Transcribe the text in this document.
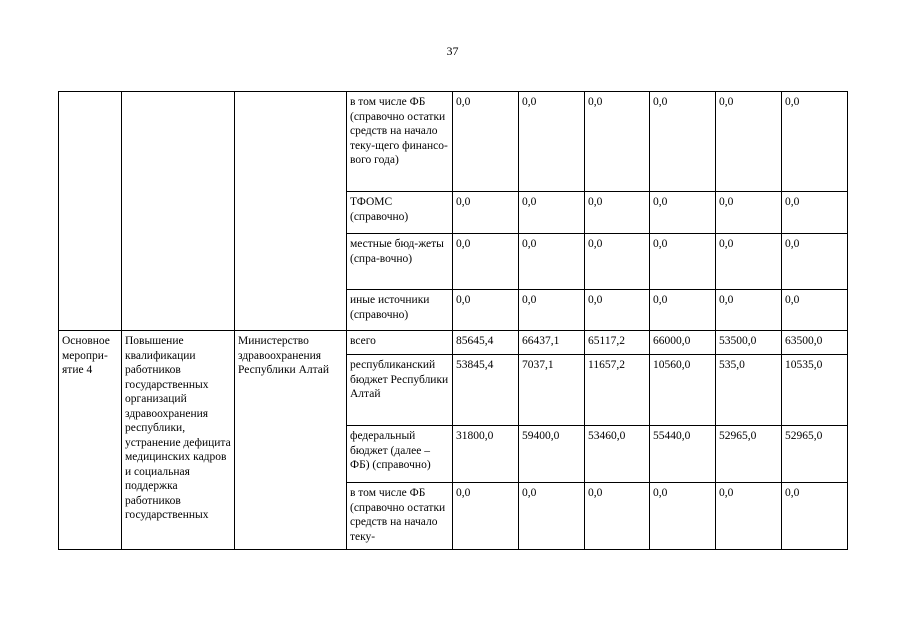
37
			в том числе ФБ (справочно остатки средств на начало теку-щего финансо-вого года)	0,0	0,0	0,0	0,0	0,0	0,0
			ТФОМС (справочно)	0,0	0,0	0,0	0,0	0,0	0,0
			местные бюд-жеты (спра-вочно)	0,0	0,0	0,0	0,0	0,0	0,0
			иные источники (справочно)	0,0	0,0	0,0	0,0	0,0	0,0
Основное меропри-ятие 4	Повышение квалификации работников государственных организаций здравоохранения республики, устранение дефицита медицинских кадров и социальная поддержка работников государственных	Министерство здравоохранения Республики Алтай	всего	85645,4	66437,1	65117,2	66000,0	53500,0	63500,0
			республиканский бюджет Республики Алтай	53845,4	7037,1	11657,2	10560,0	535,0	10535,0
			федеральный бюджет (далее – ФБ) (справочно)	31800,0	59400,0	53460,0	55440,0	52965,0	52965,0
			в том числе ФБ (справочно остатки средств на начало теку-	0,0	0,0	0,0	0,0	0,0	0,0
